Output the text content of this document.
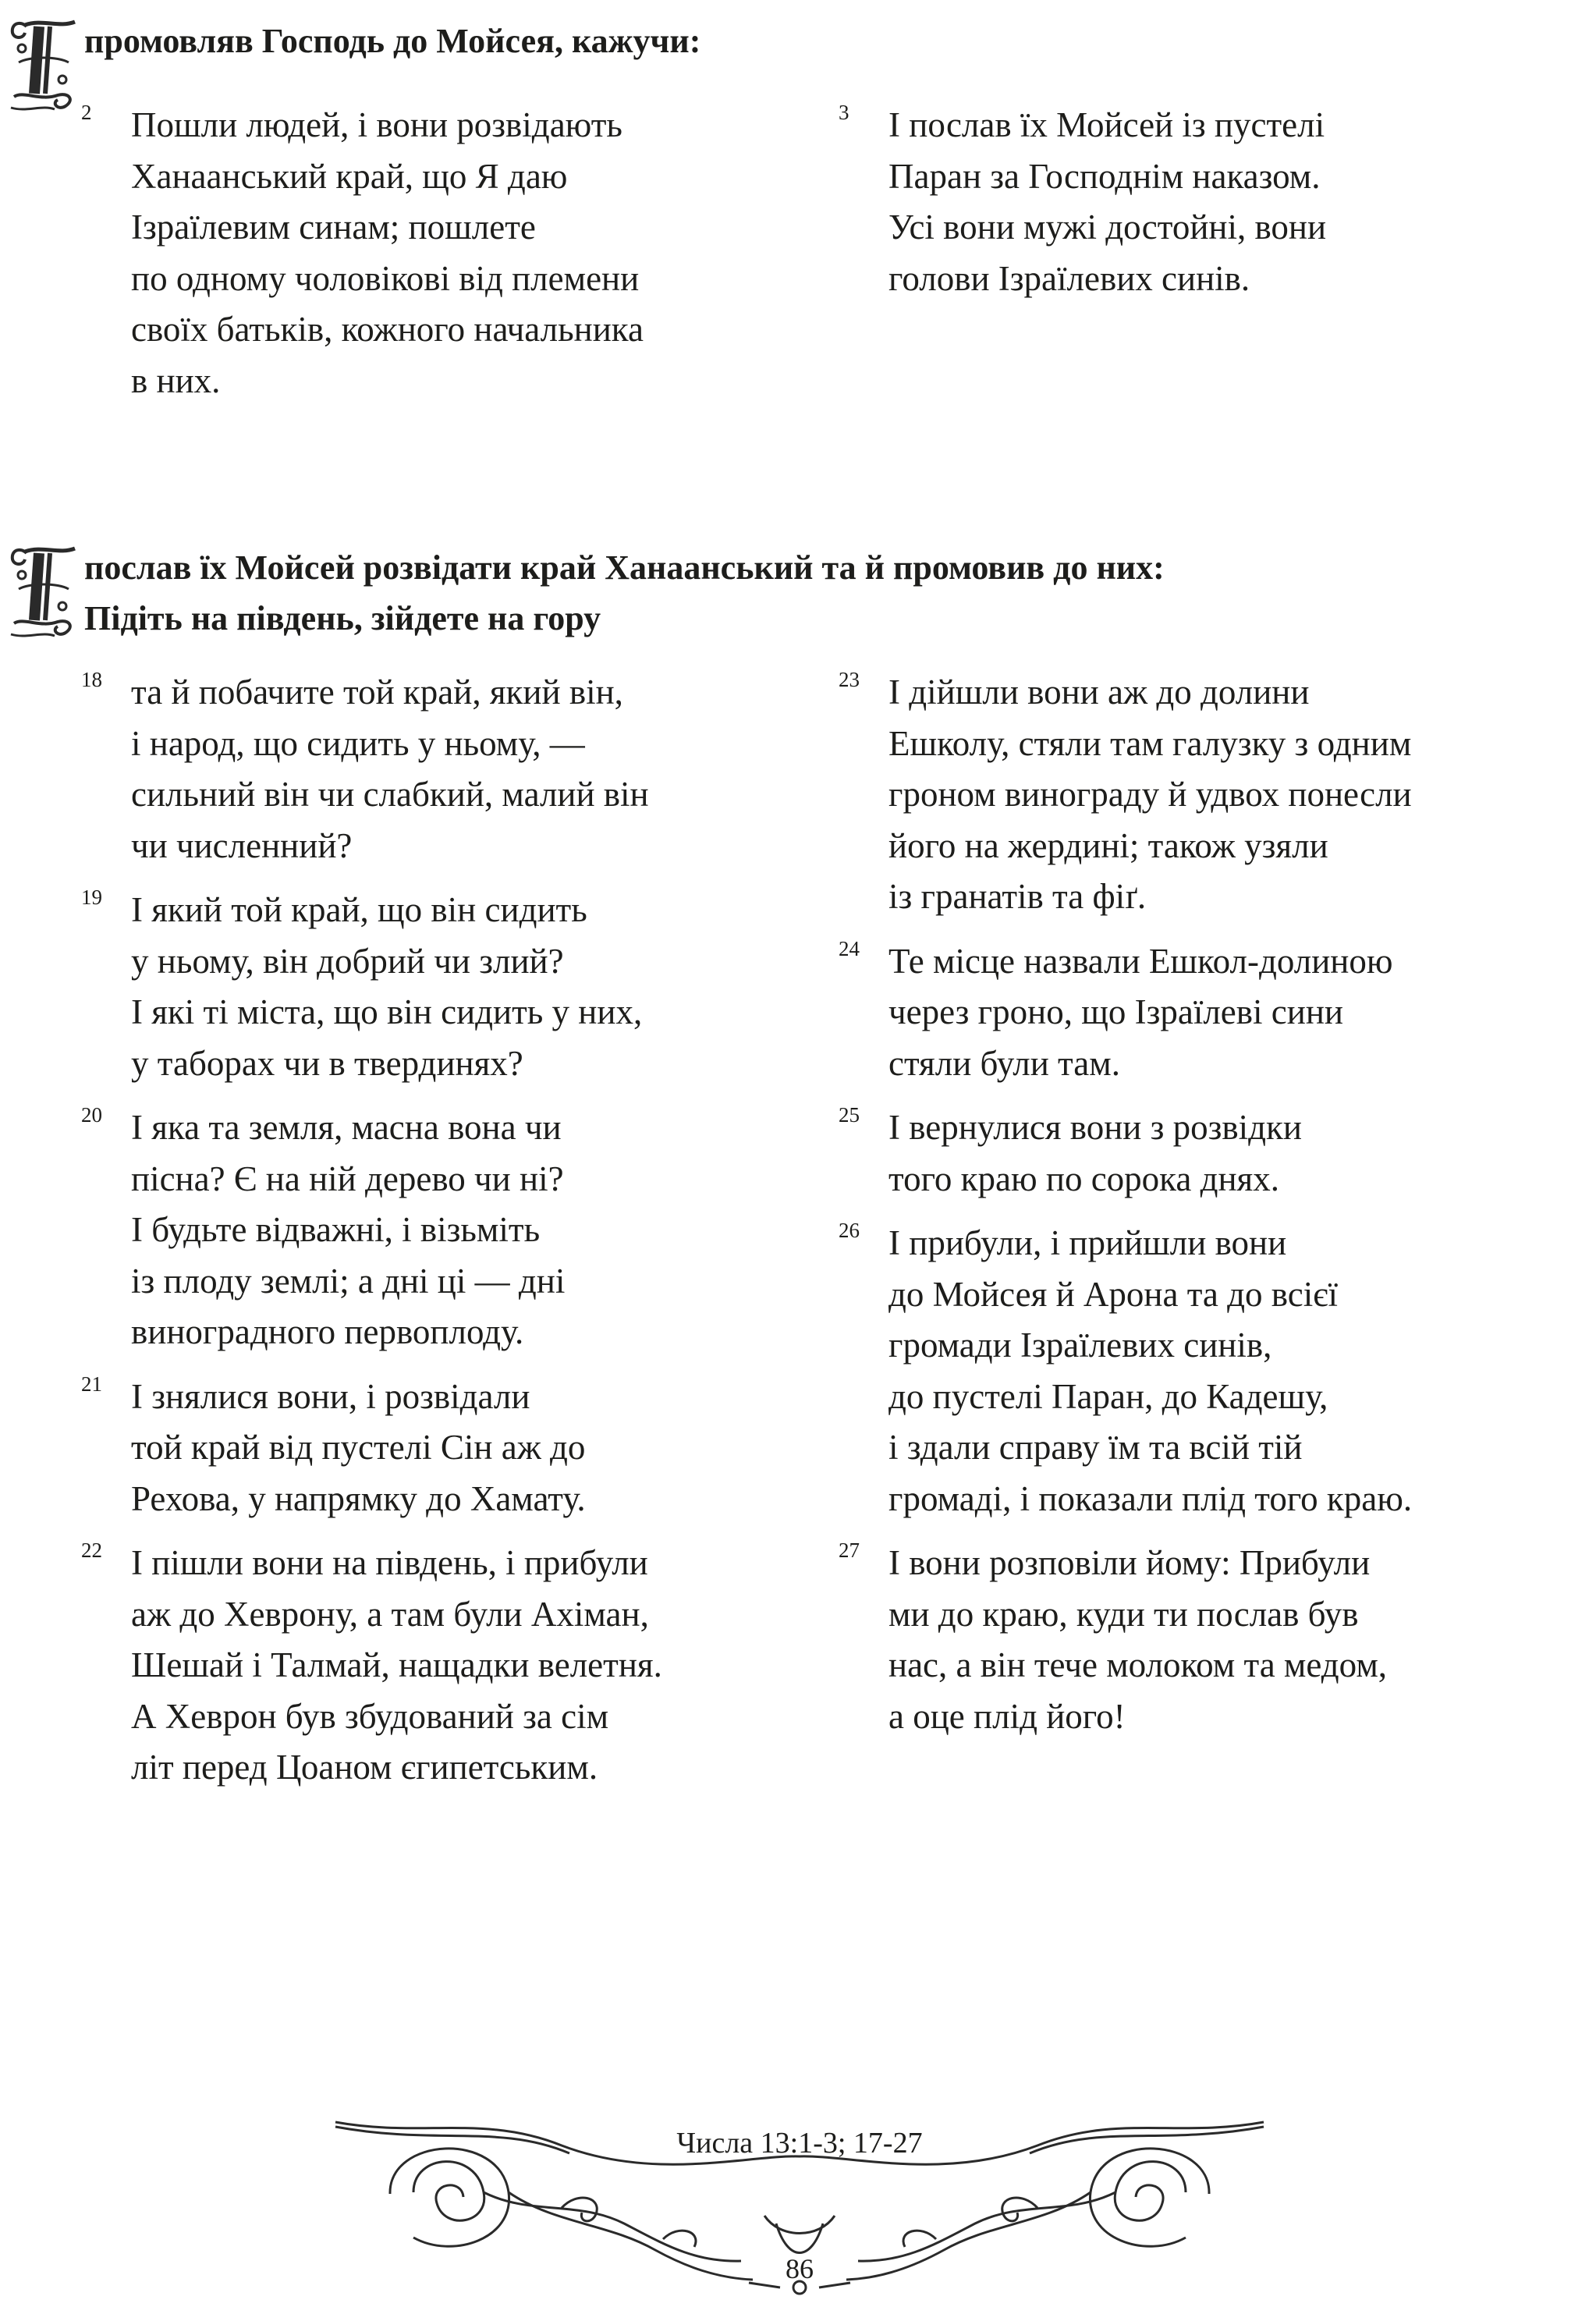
промовляв Господь до Мойсея, кажучи:

2 Пошли людей, і вони розвідають
Ханаанський край, що Я даю
Ізраїлевим синам; пошлете
по одному чоловікові від племени
своїх батьків, кожного начальника
в них.

3 І послав їх Мойсей із пустелі
Паран за Господнім наказом.
Усі вони мужі достойні, вони
голови Ізраїлевих синів.

послав їх Мойсей розвідати край Ханаанський та й промовив до них:
Підіть на південь, зійдете на гору

18 та й побачите той край, який він,
і народ, що сидить у ньому, —
сильний він чи слабкий, малий він
чи численний?

19 І який той край, що він сидить
у ньому, він добрий чи злий?
І які ті міста, що він сидить у них,
у таборах чи в твердинях?

20 І яка та земля, масна вона чи
пісна? Є на ній дерево чи ні?
І будьте відважні, і візьміть
із плоду землі; а дні ці — дні
виноградного первоплоду.

21 І знялися вони, і розвідали
той край від пустелі Сін аж до
Рехова, у напрямку до Хамату.

22 І пішли вони на південь, і прибули
аж до Хеврону, а там були Ахіман,
Шешай і Талмай, нащадки велетня.
А Хеврон був збудований за сім
літ перед Цоаном єгипетським.

23 І дійшли вони аж до долини
Ешколу, стяли там галузку з одним
гроном винограду й удвох понесли
його на жердині; також узяли
із гранатів та фіґ.

24 Те місце назвали Ешкол-долиною
через гроно, що Ізраїлеві сини
стяли були там.

25 І вернулися вони з розвідки
того краю по сорока днях.

26 І прибули, і прийшли вони
до Мойсея й Арона та до всієї
громади Ізраїлевих синів,
до пустелі Паран, до Кадешу,
і здали справу їм та всій тій
громаді, і показали плід того краю.

27 І вони розповіли йому: Прибули
ми до краю, куди ти послав був
нас, а він тече молоком та медом,
а оце плід його!

Числа 13:1-3; 17-27
86
